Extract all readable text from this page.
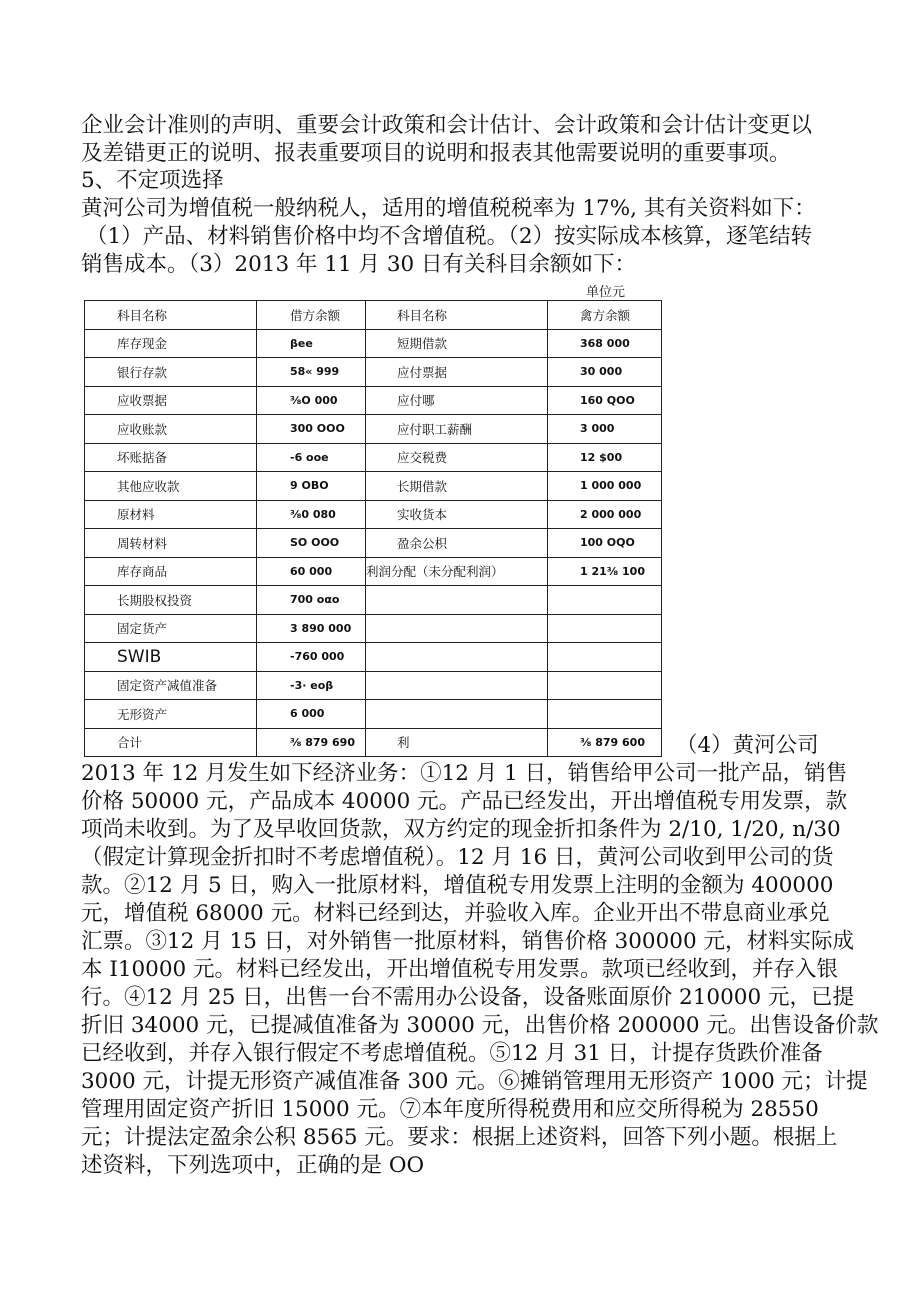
企业会计准则的声明、重要会计政策和会计估计、会计政策和会计估计变更以
及差错更正的说明、报表重要项目的说明和报表其他需要说明的重要事项。
5、不定项选择
黄河公司为增值税一般纳税人，适用的增值税税率为 17%, 其有关资料如下：
（1）产品、材料销售价格中均不含增值税。（2）按实际成本核算，逐笔结转
销售成本。（3）2013 年 11 月 30 日有关科目余额如下：
单位元
科目名称	借方余额	科目名称	禽方余额
库存现金	βee	短期借款	368 000
银行存款	58« 999	应付票据	30 000
应收票据	⅜O 000	应付哪	160 QOO
应收账款	300 OOO	应付职工薪酬	3 000
坏账掂备	-6 ooe	应交税费	12 $00
其他应收款	9 OBO	长期借款	1 000 000
原材料	⅜0 080	实收货本	2 000 000
周转材料	SO OOO	盈余公枳	100 OQO
库存商品	60 000	利润分配（未分配利润）	1 21⅜ 100
长期股权投资	700 oαo		
固定货产	3 890 000		
SWIB	-760 000		
固定资产减值准备	-3· eoβ		
无形资产	6 000		
合计	⅜ 879 690	利	⅜ 879 600 （4）黄河公司
2013 年 12 月发生如下经济业务：①12 月 1 日，销售给甲公司一批产品，销售
价格 50000 元，产品成本 40000 元。产品已经发出，开出增值税专用发票，款
项尚未收到。为了及早收回货款，双方约定的现金折扣条件为 2/10, 1/20, n/30
（假定计算现金折扣时不考虑增值税）。12 月 16 日，黄河公司收到甲公司的货
款。②12 月 5 日，购入一批原材料，增值税专用发票上注明的金额为 400000
元，增值税 68000 元。材料已经到达，并验收入库。企业开出不带息商业承兑
汇票。③12 月 15 日，对外销售一批原材料，销售价格 300000 元，材料实际成
本 I10000 元。材料已经发出，开出增值税专用发票。款项已经收到，并存入银
行。④12 月 25 日，出售一台不需用办公设备，设备账面原价 210000 元，已提
折旧 34000 元，已提减值准备为 30000 元，出售价格 200000 元。出售设备价款
已经收到，并存入银行假定不考虑增值税。⑤12 月 31 日，计提存货跌价准备
3000 元，计提无形资产减值准备 300 元。⑥摊销管理用无形资产 1000 元；计提
管理用固定资产折旧 15000 元。⑦本年度所得税费用和应交所得税为 28550
元；计提法定盈余公积 8565 元。要求：根据上述资料，回答下列小题。根据上
述资料，下列选项中，正确的是 OO
